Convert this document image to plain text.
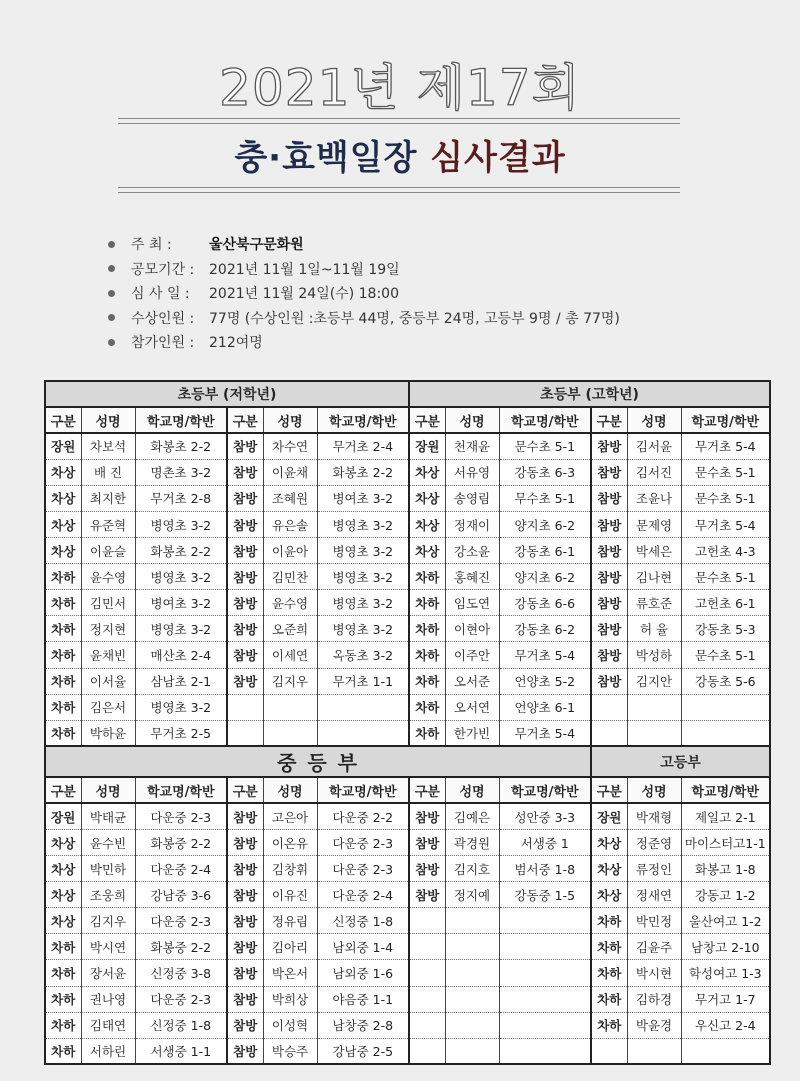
2021년 제17회
충·효백일장 심사결과
주 최 :	울산북구문화원
공모기간 :	2021년 11월 1일~11월 19일
심 사 일 :	2021년 11월 24일(수) 18:00
수상인원 :	77명 (수상인원 :초등부 44명, 중등부 24명, 고등부 9명 / 총 77명)
참가인원 :	212여명
초등부 (저학년)						초등부 (고학년)					
구분	성명	학교명/학반	구분	성명	학교명/학반	구분	성명	학교명/학반	구분	성명	학교명/학반
장원	차보석	화봉초 2-2	참방	차수연	무거초 2-4	장원	천재윤	문수초 5-1	참방	김서윤	무거초 5-4
차상	배 진	명촌초 3-2	참방	이윤채	화봉초 2-2	차상	서유영	강동초 6-3	참방	김서진	문수초 5-1
차상	최지한	무거초 2-8	참방	조혜원	병여초 3-2	차상	송영림	무수초 5-1	참방	조윤나	문수초 5-1
차상	유준혁	병영초 3-2	참방	유은솔	병영초 3-2	차상	정재이	양지초 6-2	참방	문제영	무거초 5-4
차상	이윤슬	화봉초 2-2	참방	이윤아	병영초 3-2	차상	강소윤	강동초 6-1	참방	박세은	고헌초 4-3
차하	윤수영	병영초 3-2	참방	김민찬	병영초 3-2	차하	홍혜진	양지초 6-2	참방	김나현	문수초 5-1
차하	김민서	병여초 3-2	참방	윤수영	병영초 3-2	차하	임도연	강동초 6-6	참방	류호준	고헌초 6-1
차하	정지현	병영초 3-2	참방	오준희	병영초 3-2	차하	이현아	강동초 6-2	참방	허 율	강동초 5-3
차하	윤채빈	매산초 2-4	참방	이세연	옥동초 3-2	차하	이주안	무거초 5-4	참방	박성하	문수초 5-1
차하	이서율	삼남초 2-1	참방	김지우	무거초 1-1	차하	오서준	언양초 5-2	참방	김지안	강동초 5-6
차하	김은서	병영초 3-2				차하	오서연	언양초 6-1			
차하	박하윤	무거초 2-5				차하	한가빈	무거초 5-4			
중 등 부									고등부		
구분	성명	학교명/학반	구분	성명	학교명/학반	구분	성명	학교명/학반	구분	성명	학교명/학반
장원	박태균	다운중 2-3	참방	고은아	다운중 2-2	참방	김예은	성안중 3-3	장원	박재형	제일고 2-1
차상	윤수빈	화봉중 2-2	참방	이온유	다운중 2-3	참방	곽경원	서생중 1	차상	정준영	마이스터고1-1
차상	박민하	다운중 2-4	참방	김창휘	다운중 2-3	참방	김지호	범서중 1-8	차상	류정인	화봉고 1-8
차상	조웅희	강남중 3-6	참방	이유진	다운중 2-4	참방	정지예	강동중 1-5	차상	정새연	강동고 1-2
차상	김지우	다운중 2-3	참방	정유림	신정중 1-8				차하	박민정	울산여고 1-2
차하	박시연	화봉중 2-2	참방	김아리	남외중 1-4				차하	김윤주	남창고 2-10
차하	장서윤	신정중 3-8	참방	박온서	남외중 1-6				차하	박시현	학성여고 1-3
차하	권나영	다운중 2-3	참방	박희상	야음중 1-1				차하	김하경	무거고 1-7
차하	김태연	신정중 1-8	참방	이성혁	남창중 2-8				차하	박윤경	우신고 2-4
차하	서하린	서생중 1-1	참방	박승주	강남중 2-5						
